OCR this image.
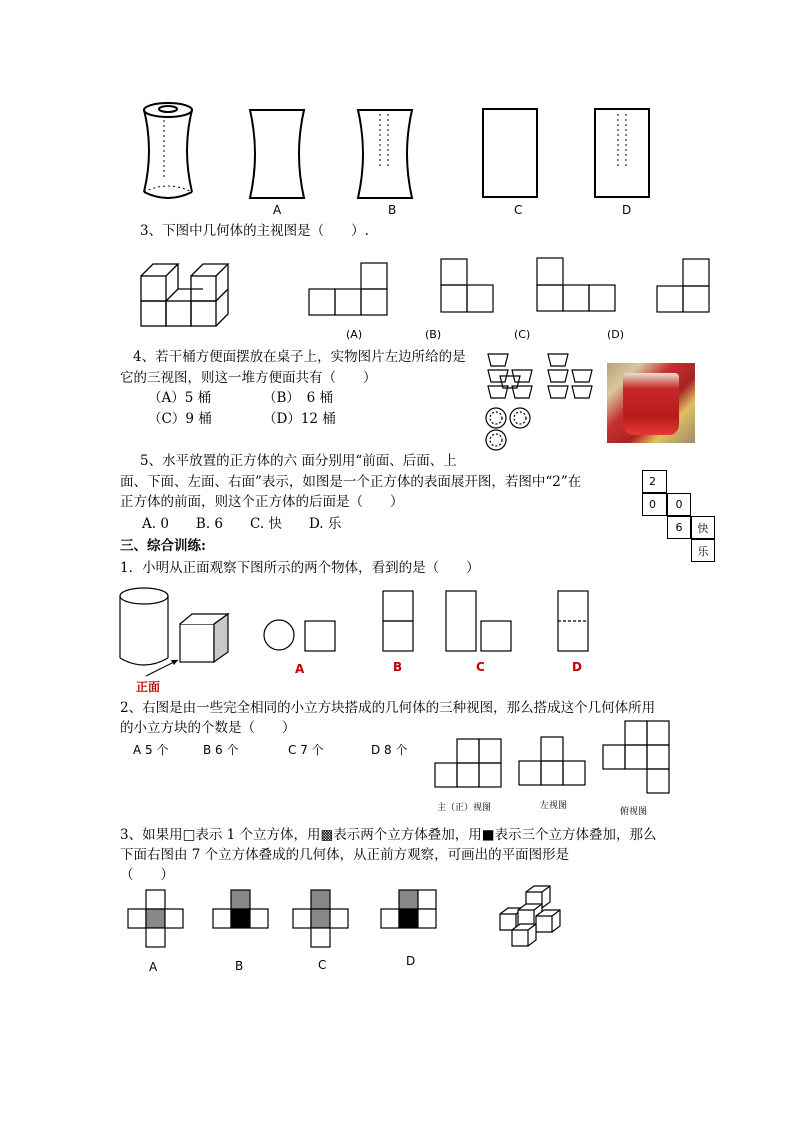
A	B	C	D
3、下图中几何体的主视图是（　　）.
(A)	(B)	(C)	(D)
4、若干桶方便面摆放在桌子上，实物图片左边所给的是
它的三视图，则这一堆方便面共有（　　）
（A）5 桶	（B）　6 桶
（C）9 桶	（D）12 桶
5、水平放置的正方体的六 面分别用“前面、后面、上
面、下面、左面、右面”表示，如图是一个正方体的表面展开图，若图中“2”在
正方体的前面，则这个正方体的后面是（　　）
A. 0　　B. 6　　C. 快　　D. 乐
2
0	0
6	快
乐
三、综合训练:
1．小明从正面观察下图所示的两个物体，看到的是（　　）
正面
A	B	C	D
2、右图是由一些完全相同的小立方块搭成的几何体的三种视图，那么搭成这个几何体所用
的小立方块的个数是（　　）
A 5 个	B 6 个	C 7 个	D 8 个
主（正）视图	左视图
俯视图
3、如果用□表示 1 个立方体，用▩表示两个立方体叠加，用■表示三个立方体叠加，那么
下面右图由 7 个立方体叠成的几何体，从正前方观察，可画出的平面图形是
（　　）
A	B	C	D
